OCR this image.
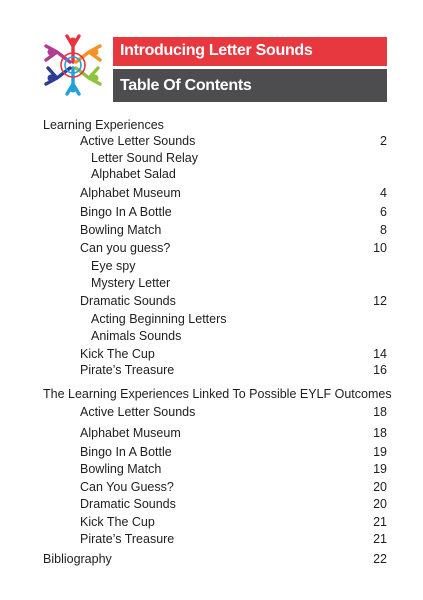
Introducing Letter Sounds
Table Of Contents
Learning Experiences
Active Letter Sounds	2
Letter Sound Relay
Alphabet Salad
Alphabet Museum	4
Bingo In A Bottle	6
Bowling Match	8
Can you guess?	10
Eye spy
Mystery Letter
Dramatic Sounds	12
Acting Beginning Letters
Animals Sounds
Kick The Cup	14
Pirate’s Treasure	16
The Learning Experiences Linked To Possible EYLF Outcomes
Active Letter Sounds	18
Alphabet Museum	18
Bingo In A Bottle	19
Bowling Match	19
Can You Guess?	20
Dramatic Sounds	20
Kick The Cup	21
Pirate’s Treasure	21
Bibliography	22
